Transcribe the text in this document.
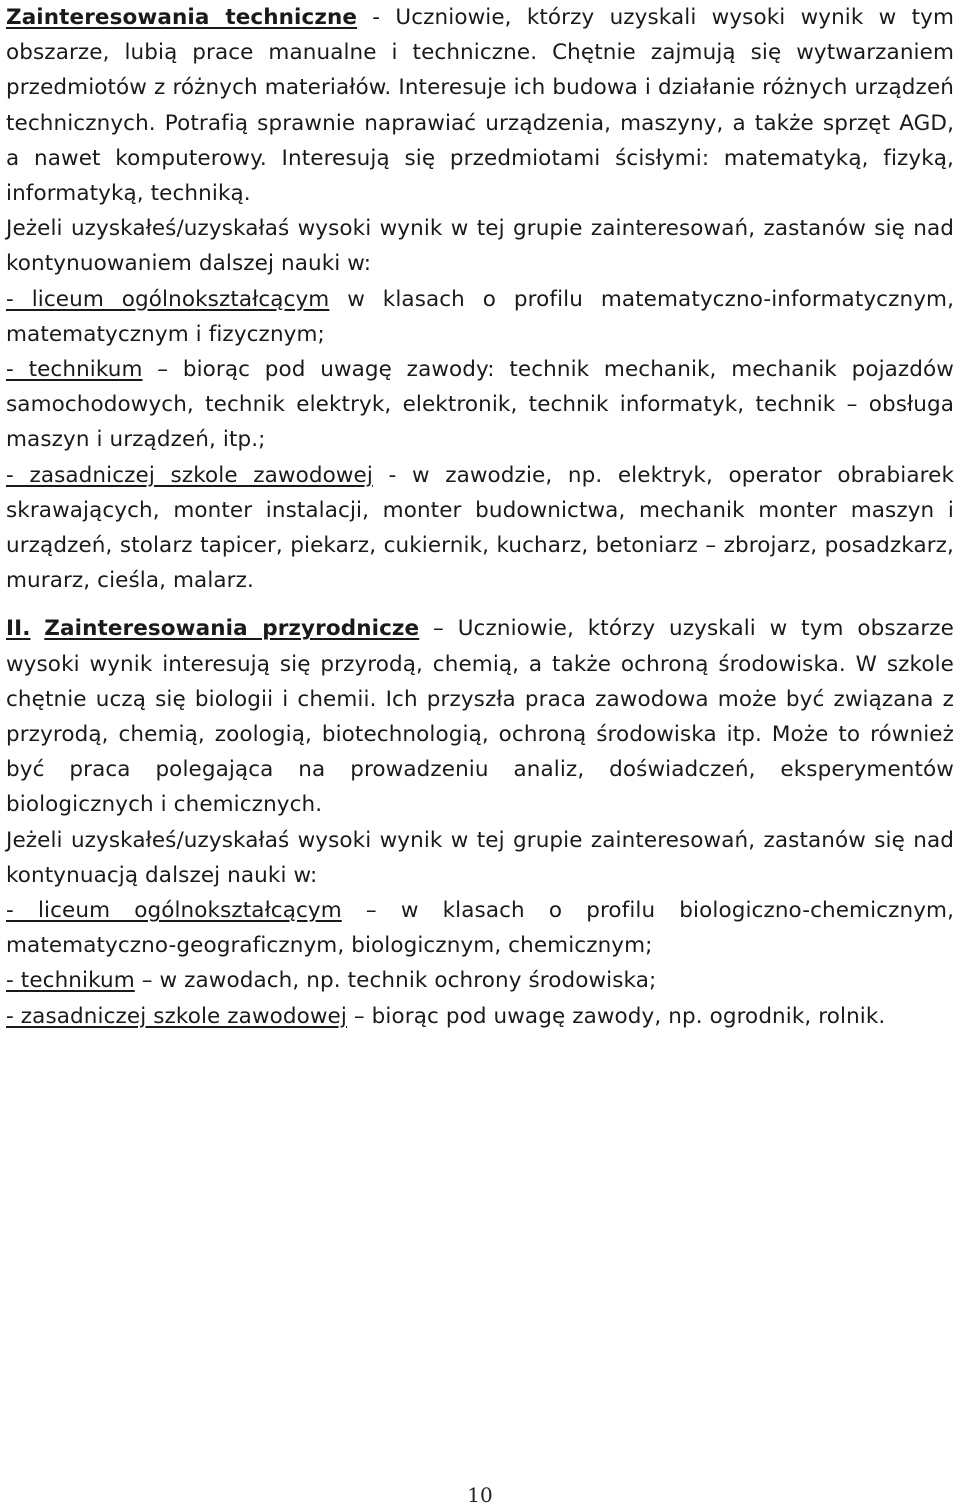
Zainteresowania techniczne - Uczniowie, którzy uzyskali wysoki wynik w tym obszarze, lubią prace manualne i techniczne. Chętnie zajmują się wytwarzaniem przedmiotów z różnych materiałów. Interesuje ich budowa i działanie różnych urządzeń technicznych. Potrafią sprawnie naprawiać urządzenia, maszyny, a także sprzęt AGD, a nawet komputerowy. Interesują się przedmiotami ścisłymi: matematyką, fizyką, informatyką, techniką.

Jeżeli uzyskałeś/uzyskałaś wysoki wynik w tej grupie zainteresowań, zastanów się nad kontynuowaniem dalszej nauki w:

- liceum ogólnokształcącym w klasach o profilu matematyczno-informatycznym, matematycznym i fizycznym;

- technikum – biorąc pod uwagę zawody: technik mechanik, mechanik pojazdów samochodowych, technik elektryk, elektronik, technik informatyk, technik – obsługa maszyn i urządzeń, itp.;

- zasadniczej szkole zawodowej - w zawodzie, np. elektryk, operator obrabiarek skrawających, monter instalacji, monter budownictwa, mechanik monter maszyn i urządzeń, stolarz tapicer, piekarz, cukiernik, kucharz, betoniarz – zbrojarz, posadzkarz, murarz, cieśla, malarz.

II. Zainteresowania przyrodnicze – Uczniowie, którzy uzyskali w tym obszarze wysoki wynik interesują się przyrodą, chemią, a także ochroną środowiska. W szkole chętnie uczą się biologii i chemii. Ich przyszła praca zawodowa może być związana z przyrodą, chemią, zoologią, biotechnologią, ochroną środowiska itp. Może to również być praca polegająca na prowadzeniu analiz, doświadczeń, eksperymentów biologicznych i chemicznych.

Jeżeli uzyskałeś/uzyskałaś wysoki wynik w tej grupie zainteresowań, zastanów się nad kontynuacją dalszej nauki w:

- liceum ogólnokształcącym – w klasach o profilu biologiczno-chemicznym, matematyczno-geograficznym, biologicznym, chemicznym;

- technikum – w zawodach, np. technik ochrony środowiska;

- zasadniczej szkole zawodowej – biorąc pod uwagę zawody, np. ogrodnik, rolnik.

10
